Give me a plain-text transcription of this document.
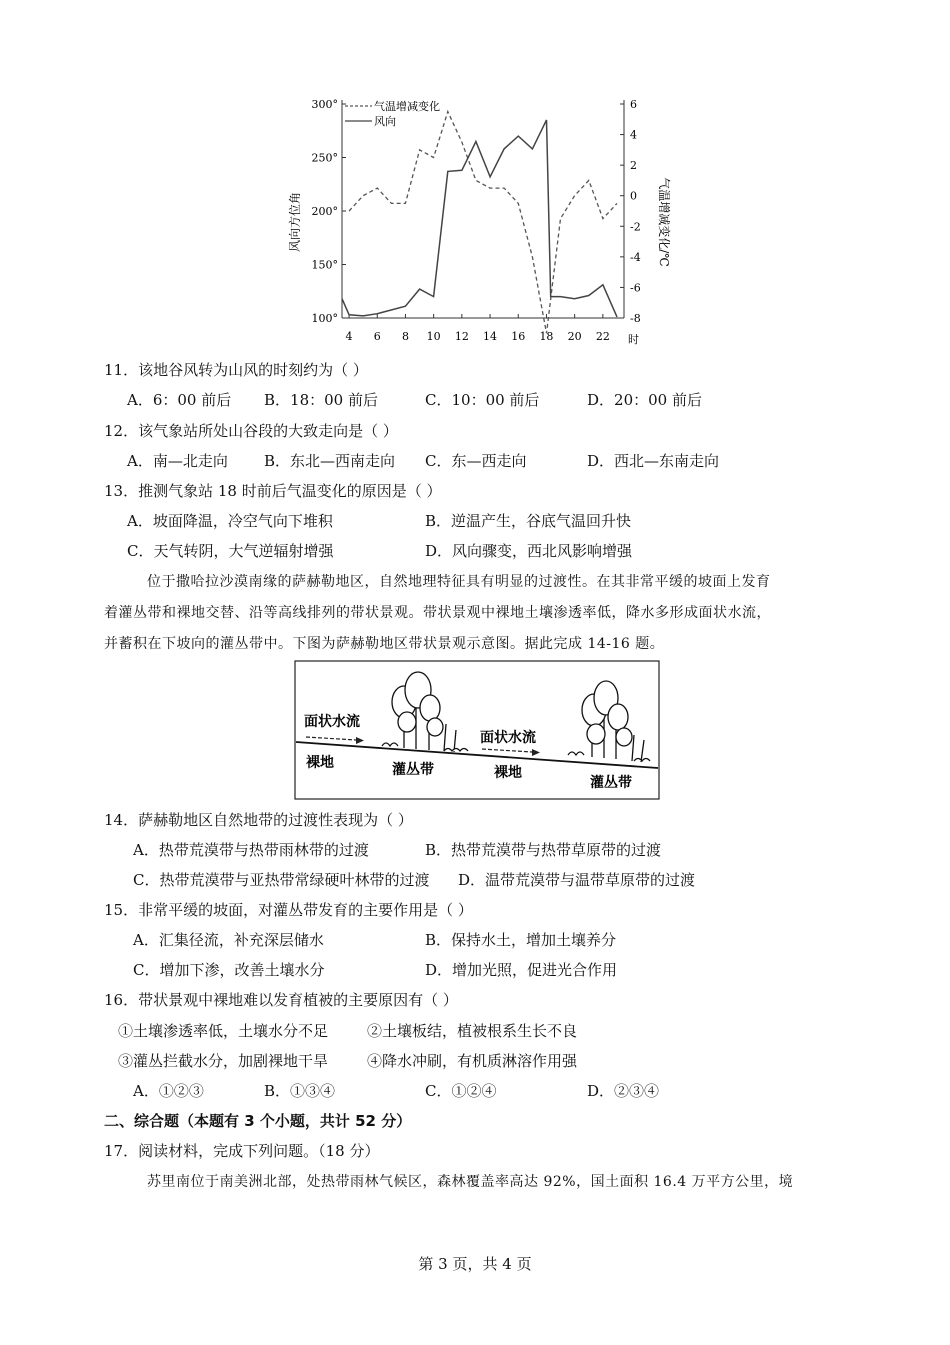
300°
250°
200°
150°
100°
6
4
2
0
-2
-4
-6
-8
4 6 8 10 12 14 16 18 20 22
气温增减变化
风向
风向方位角	气温增减变化/℃
时
11．该地谷风转为山风的时刻约为（ ）
A．6：00 前后 B．18：00 前后	C．10：00 前后	D．20：00 前后
12．该气象站所处山谷段的大致走向是（ ）
A．南—北走向 B．东北—西南走向 C．东—西走向	D．西北—东南走向
13．推测气象站 18 时前后气温变化的原因是（ ）
A．坡面降温，冷空气向下堆积	B．逆温产生，谷底气温回升快
C．天气转阴，大气逆辐射增强	D．风向骤变，西北风影响增强
位于撒哈拉沙漠南缘的萨赫勒地区，自然地理特征具有明显的过渡性。在其非常平缓的坡面上发育
着灌丛带和裸地交替、沿等高线排列的带状景观。带状景观中裸地土壤渗透率低，降水多形成面状水流，
并蓄积在下坡向的灌丛带中。下图为萨赫勒地区带状景观示意图。据此完成 14-16 题。
面状水流
裸地	灌丛带
面状水流
裸地
灌丛带
14．萨赫勒地区自然地带的过渡性表现为（ ）
A．热带荒漠带与热带雨林带的过渡	B．热带荒漠带与热带草原带的过渡
C．热带荒漠带与亚热带常绿硬叶林带的过渡 D．温带荒漠带与温带草原带的过渡
15．非常平缓的坡面，对灌丛带发育的主要作用是（ ）
A．汇集径流，补充深层储水	B．保持水土，增加土壤养分
C．增加下渗，改善土壤水分	D．增加光照，促进光合作用
16．带状景观中裸地难以发育植被的主要原因有（ ）
①土壤渗透率低，土壤水分不足	②土壤板结，植被根系生长不良
③灌丛拦截水分，加剧裸地干旱	④降水冲刷，有机质淋溶作用强
A．①②③	B．①③④	C．①②④	D．②③④
二、综合题（本题有 3 个小题，共计 52 分）
17．阅读材料，完成下列问题。（18 分）
苏里南位于南美洲北部，处热带雨林气候区，森林覆盖率高达 92%，国土面积 16.4 万平方公里，境
第 3 页，共 4 页
